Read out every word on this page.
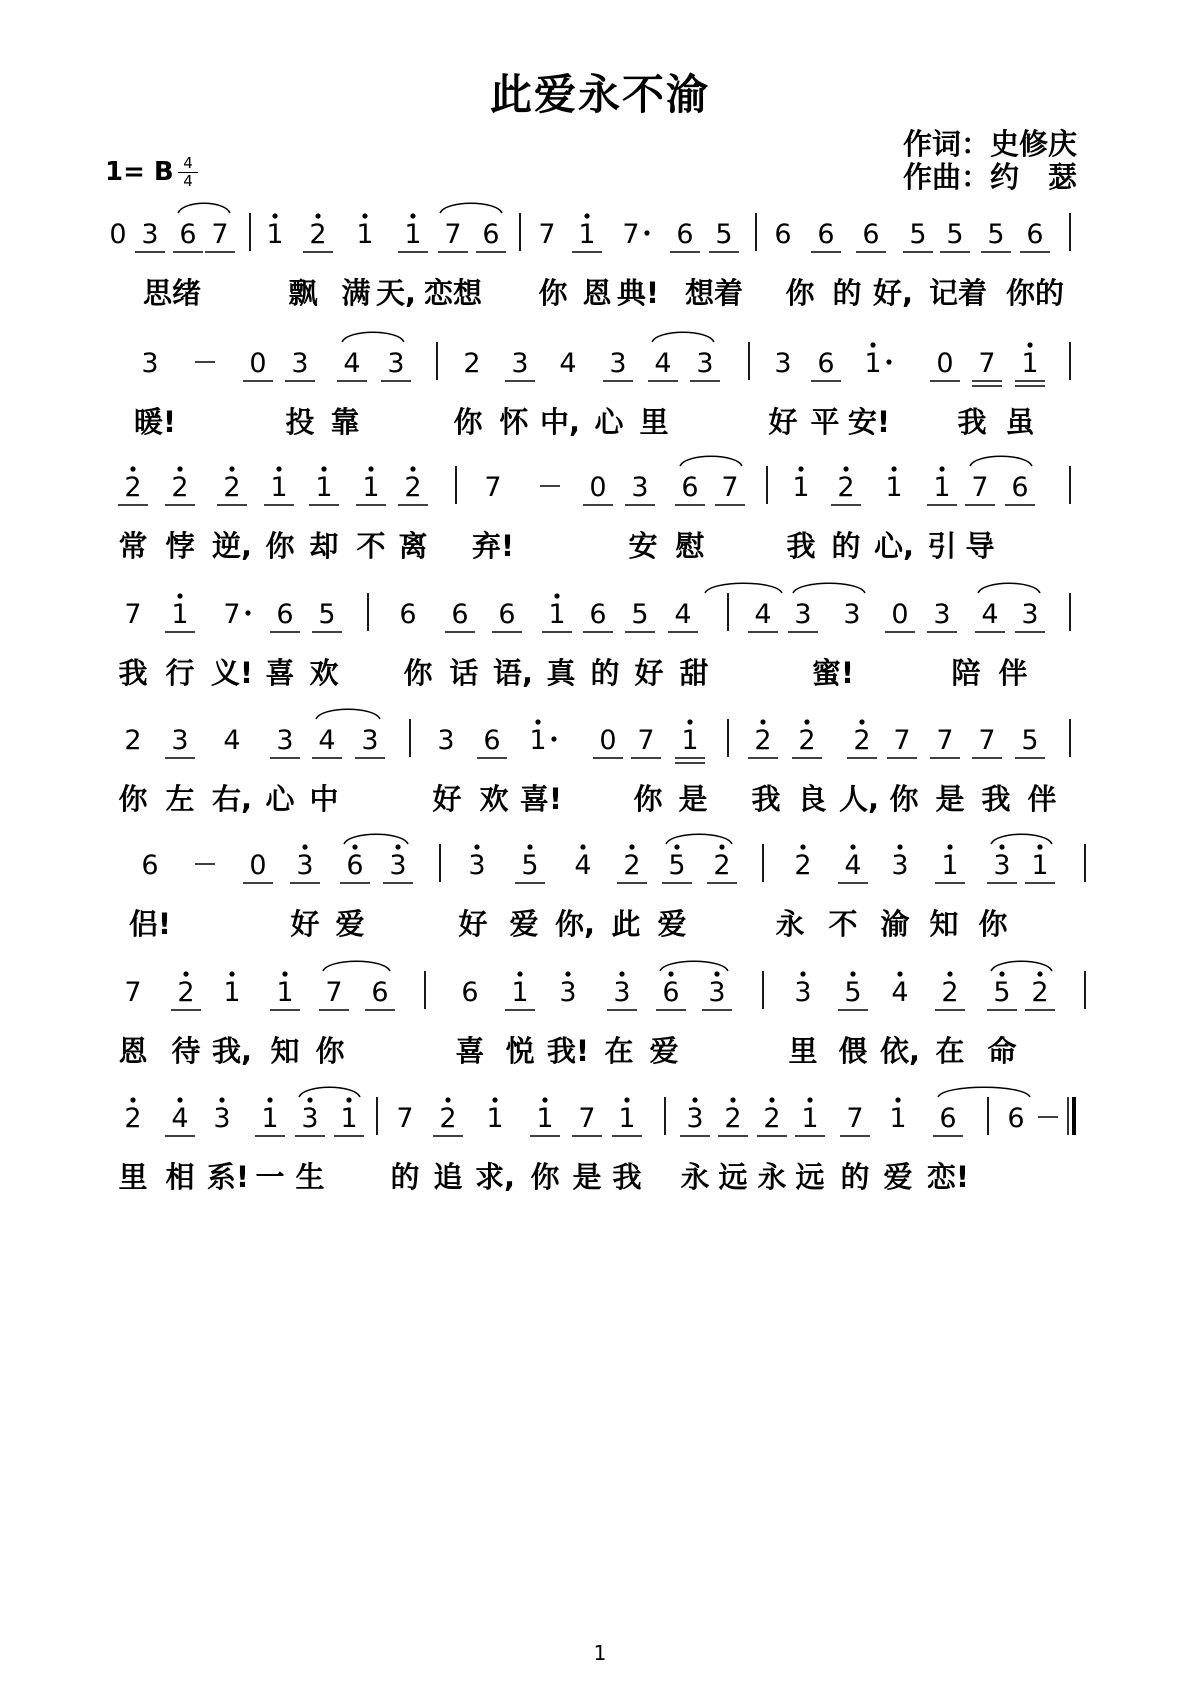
此爱永不渝
作词：史修庆
作曲：约　瑟
1= B 4
4
0 3 6 7 1 2 1 1 7 6 7 1 7 6 5 6 6 6 5 5 5 6
思绪	飘 满 天, 恋想 你 恩 典! 想着 你 的 好, 记着 你的
3	0 3 4 3 2 3 4 3 4 3 3 6 1 0 7 1
暖!	投 靠	你 怀 中, 心 里	好 平 安! 我 虽
2 2 2 1 1 1 2 7	0 3 6 7 1 2 1 1 7 6
常 悖 逆, 你 却 不 离 弃!	安 慰	我 的 心, 引 导
7 1 7 6 5 6 6 6 1 6 5 4 4 3 3 0 3 4 3
我 行 义! 喜 欢 你 话 语, 真 的 好 甜	蜜!	陪 伴
2 3 4 3 4 3 3 6 1 0 7 1 2 2 2 7 7 7 5
你 左 右, 心 中	好 欢 喜! 你 是 我 良 人, 你 是 我 伴
6	0 3 6 3 3 5 4 2 5 2 2 4 3 1 3 1
侣!	好 爱	好 爱 你, 此 爱	永 不 渝 知 你
7 2 1 1 7 6	6 1 3 3 6 3	3 5 4 2 5 2
恩 待 我, 知 你	喜 悦 我! 在 爱	里 偎 依, 在 命
2 4 3 1 3 1 7 2 1 1 7 1 3 2 2 1 7 1 6 6
里 相 系! 一 生 的 追 求, 你 是 我 永 远 永 远 的 爱 恋!
1
